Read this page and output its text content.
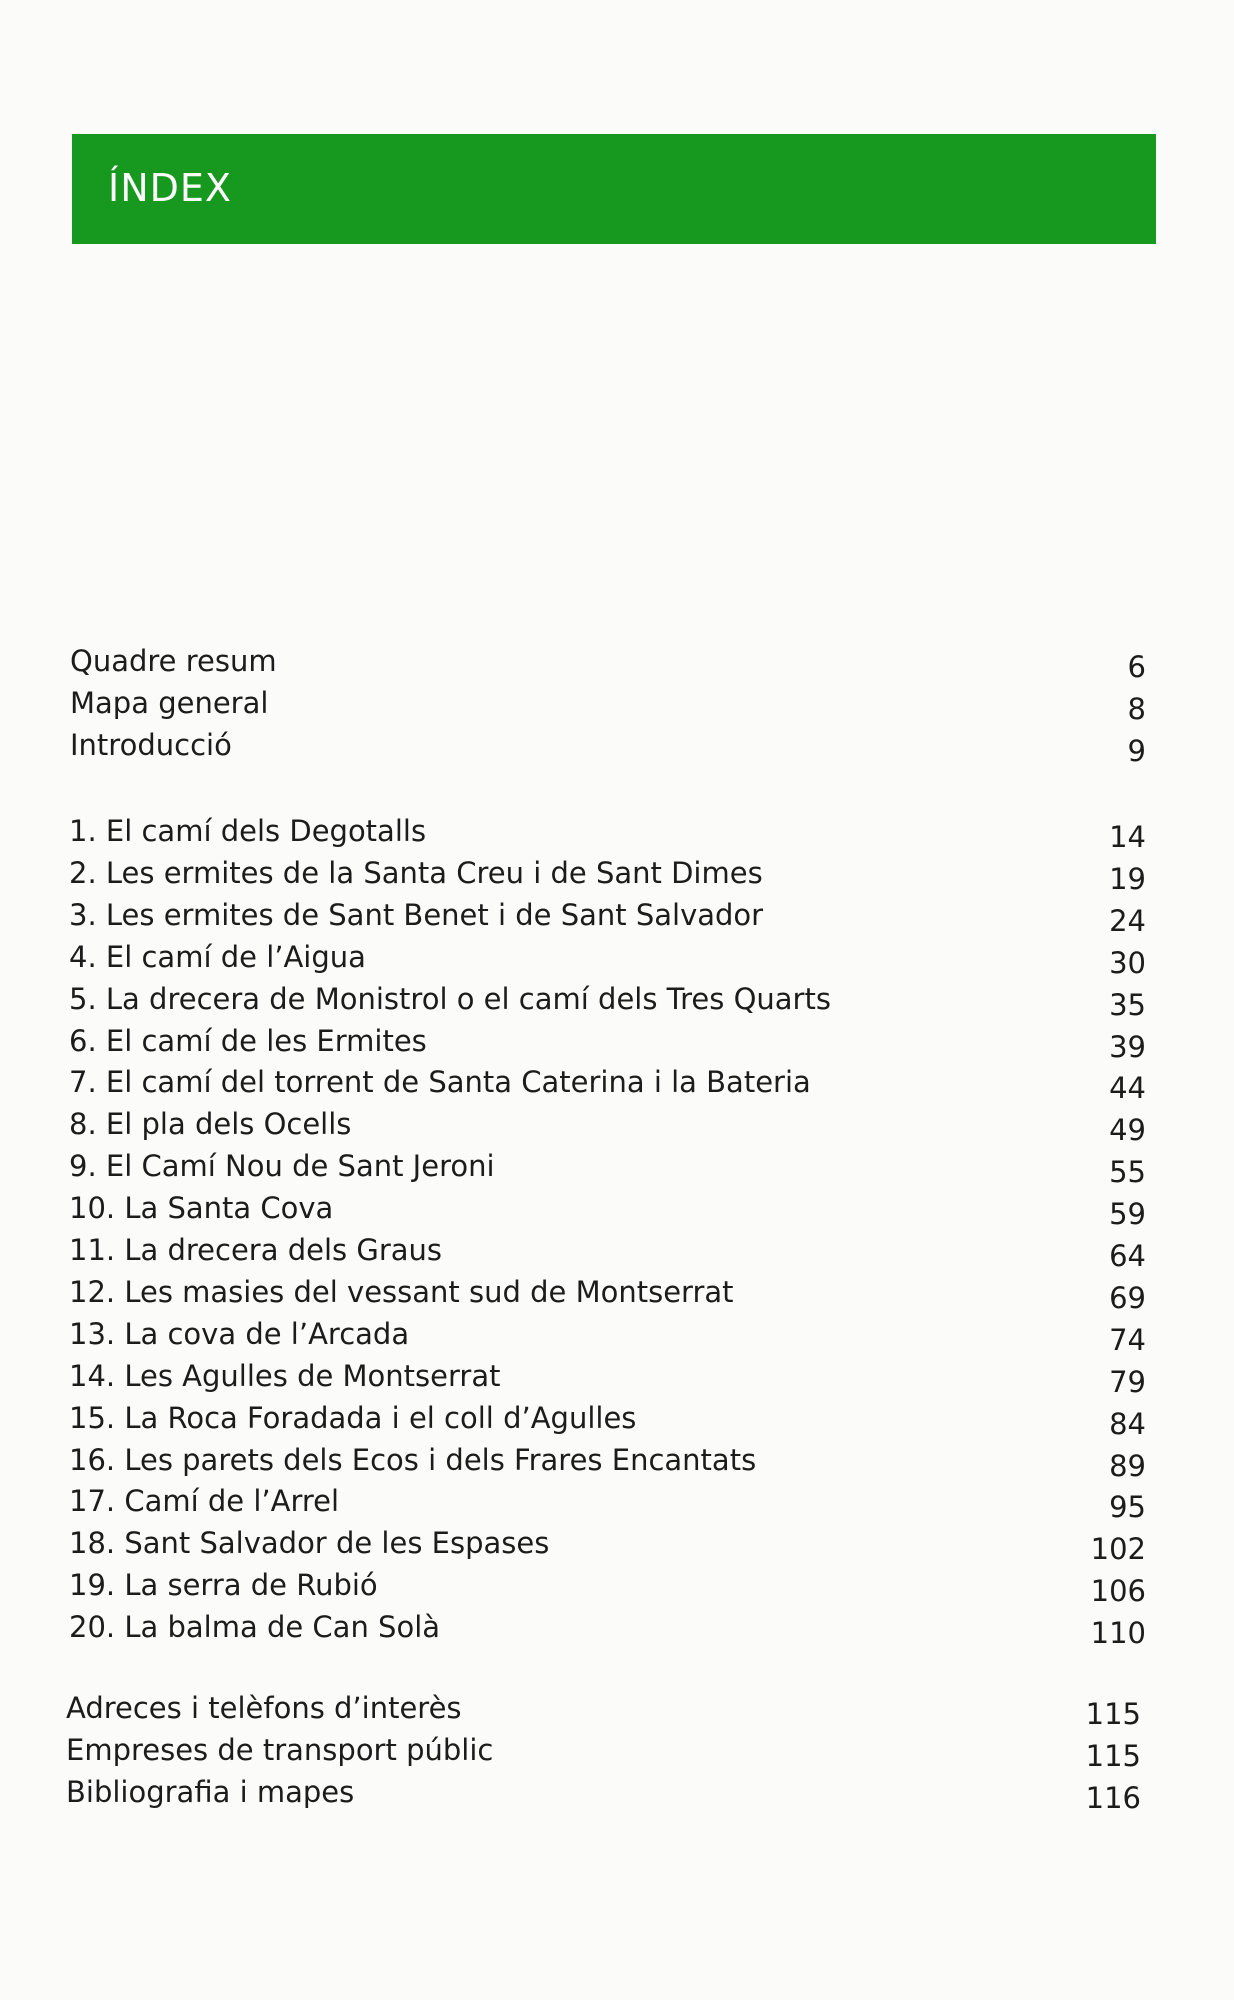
ÍNDEX
Quadre resum	6
Mapa general	8
Introducció	9
1. El camí dels Degotalls	14
2. Les ermites de la Santa Creu i de Sant Dimes	19
3. Les ermites de Sant Benet i de Sant Salvador	24
4. El camí de l’Aigua	30
5. La drecera de Monistrol o el camí dels Tres Quarts	35
6. El camí de les Ermites	39
7. El camí del torrent de Santa Caterina i la Bateria	44
8. El pla dels Ocells	49
9. El Camí Nou de Sant Jeroni	55
10. La Santa Cova	59
11. La drecera dels Graus	64
12. Les masies del vessant sud de Montserrat	69
13. La cova de l’Arcada	74
14. Les Agulles de Montserrat	79
15. La Roca Foradada i el coll d’Agulles	84
16. Les parets dels Ecos i dels Frares Encantats	89
17. Camí de l’Arrel	95
18. Sant Salvador de les Espases	102
19. La serra de Rubió	106
20. La balma de Can Solà	110
Adreces i telèfons d’interès	115
Empreses de transport públic	115
Bibliografia i mapes	116
